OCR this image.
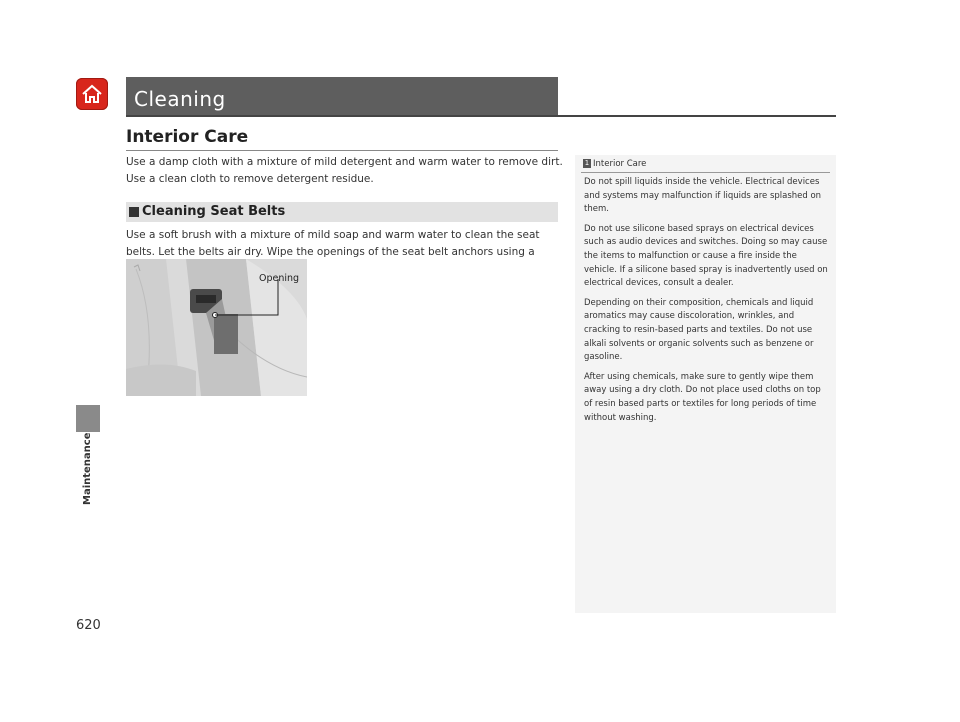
Cleaning
Maintenance
620
Interior Care
Use a damp cloth with a mixture of mild detergent and warm water to remove dirt. Use a clean cloth to remove detergent residue.
Cleaning Seat Belts
Use a soft brush with a mixture of mild soap and warm water to clean the seat belts. Let the belts air dry. Wipe the openings of the seat belt anchors using a
Opening
1 Interior Care

Do not spill liquids inside the vehicle. Electrical devices and systems may malfunction if liquids are splashed on them.

Do not use silicone based sprays on electrical devices such as audio devices and switches. Doing so may cause the items to malfunction or cause a fire inside the vehicle. If a silicone based spray is inadvertently used on electrical devices, consult a dealer.

Depending on their composition, chemicals and liquid aromatics may cause discoloration, wrinkles, and cracking to resin-based parts and textiles. Do not use alkali solvents or organic solvents such as benzene or gasoline.

After using chemicals, make sure to gently wipe them away using a dry cloth. Do not place used cloths on top of resin based parts or textiles for long periods of time without washing.
